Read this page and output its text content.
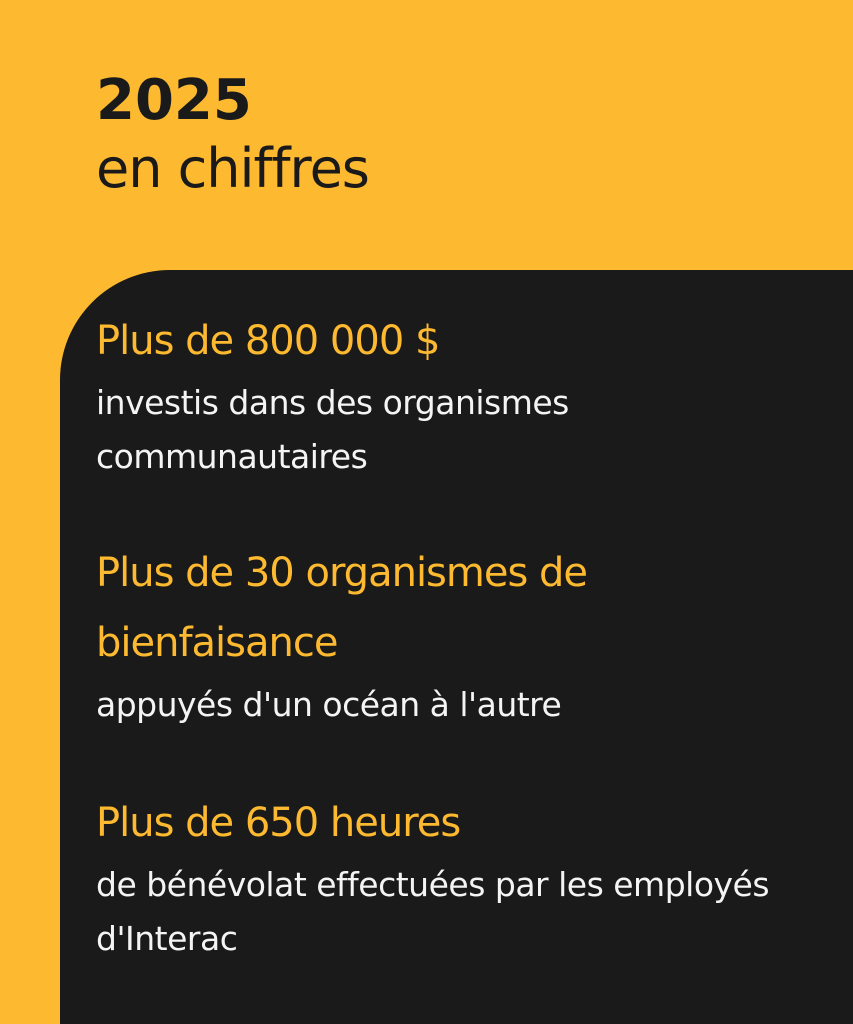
2025
en chiffres
Plus de 800 000 $
investis dans des organismes communautaires
Plus de 30 organismes de bienfaisance
appuyés d'un océan à l'autre
Plus de 650 heures
de bénévolat effectuées par les employés d'Interac
